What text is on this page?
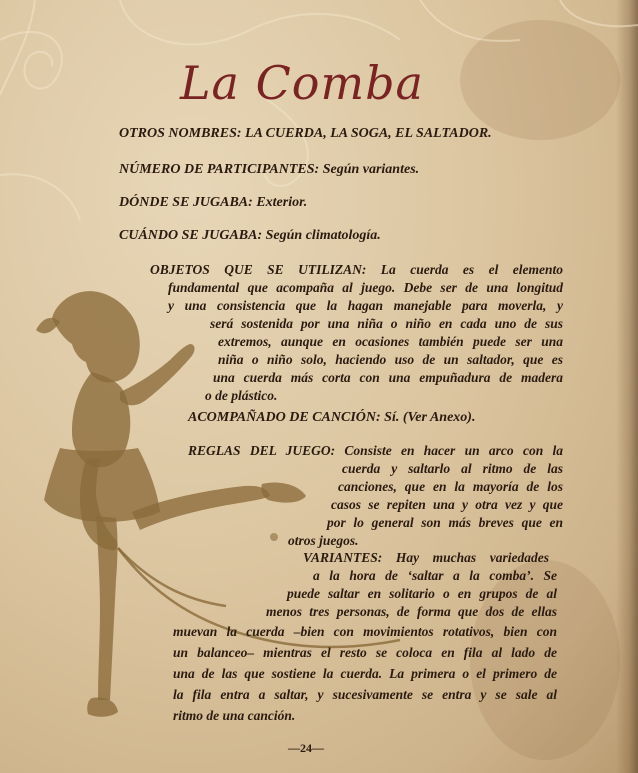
La Comba

OTROS NOMBRES: LA CUERDA, LA SOGA, EL SALTADOR.

NÚMERO DE PARTICIPANTES: Según variantes.

DÓNDE SE JUGABA: Exterior.

CUÁNDO SE JUGABA: Según climatología.

OBJETOS QUE SE UTILIZAN: La cuerda es el elemento

fundamental que acompaña al juego. Debe ser de una longitud

y una consistencia que la hagan manejable para moverla, y

será sostenida por una niña o niño en cada uno de sus

extremos, aunque en ocasiones también puede ser una

niña o niño solo, haciendo uso de un saltador, que es

una cuerda más corta con una empuñadura de madera

o de plástico.

ACOMPAÑADO DE CANCIÓN: Sí. (Ver Anexo).

REGLAS DEL JUEGO: Consiste en hacer un arco con la

cuerda y saltarlo al ritmo de las

canciones, que en la mayoría de los

casos se repiten una y otra vez y que

por lo general son más breves que en

otros juegos.

VARIANTES: Hay muchas variedades

a la hora de ‘saltar a la comba’. Se

puede saltar en solitario o en grupos de al

menos tres personas, de forma que dos de ellas

muevan la cuerda –bien con movimientos rotativos, bien con

un balanceo– mientras el resto se coloca en fila al lado de

una de las que sostiene la cuerda. La primera o el primero de

la fila entra a saltar, y sucesivamente se entra y se sale al

ritmo de una canción.

—24—
